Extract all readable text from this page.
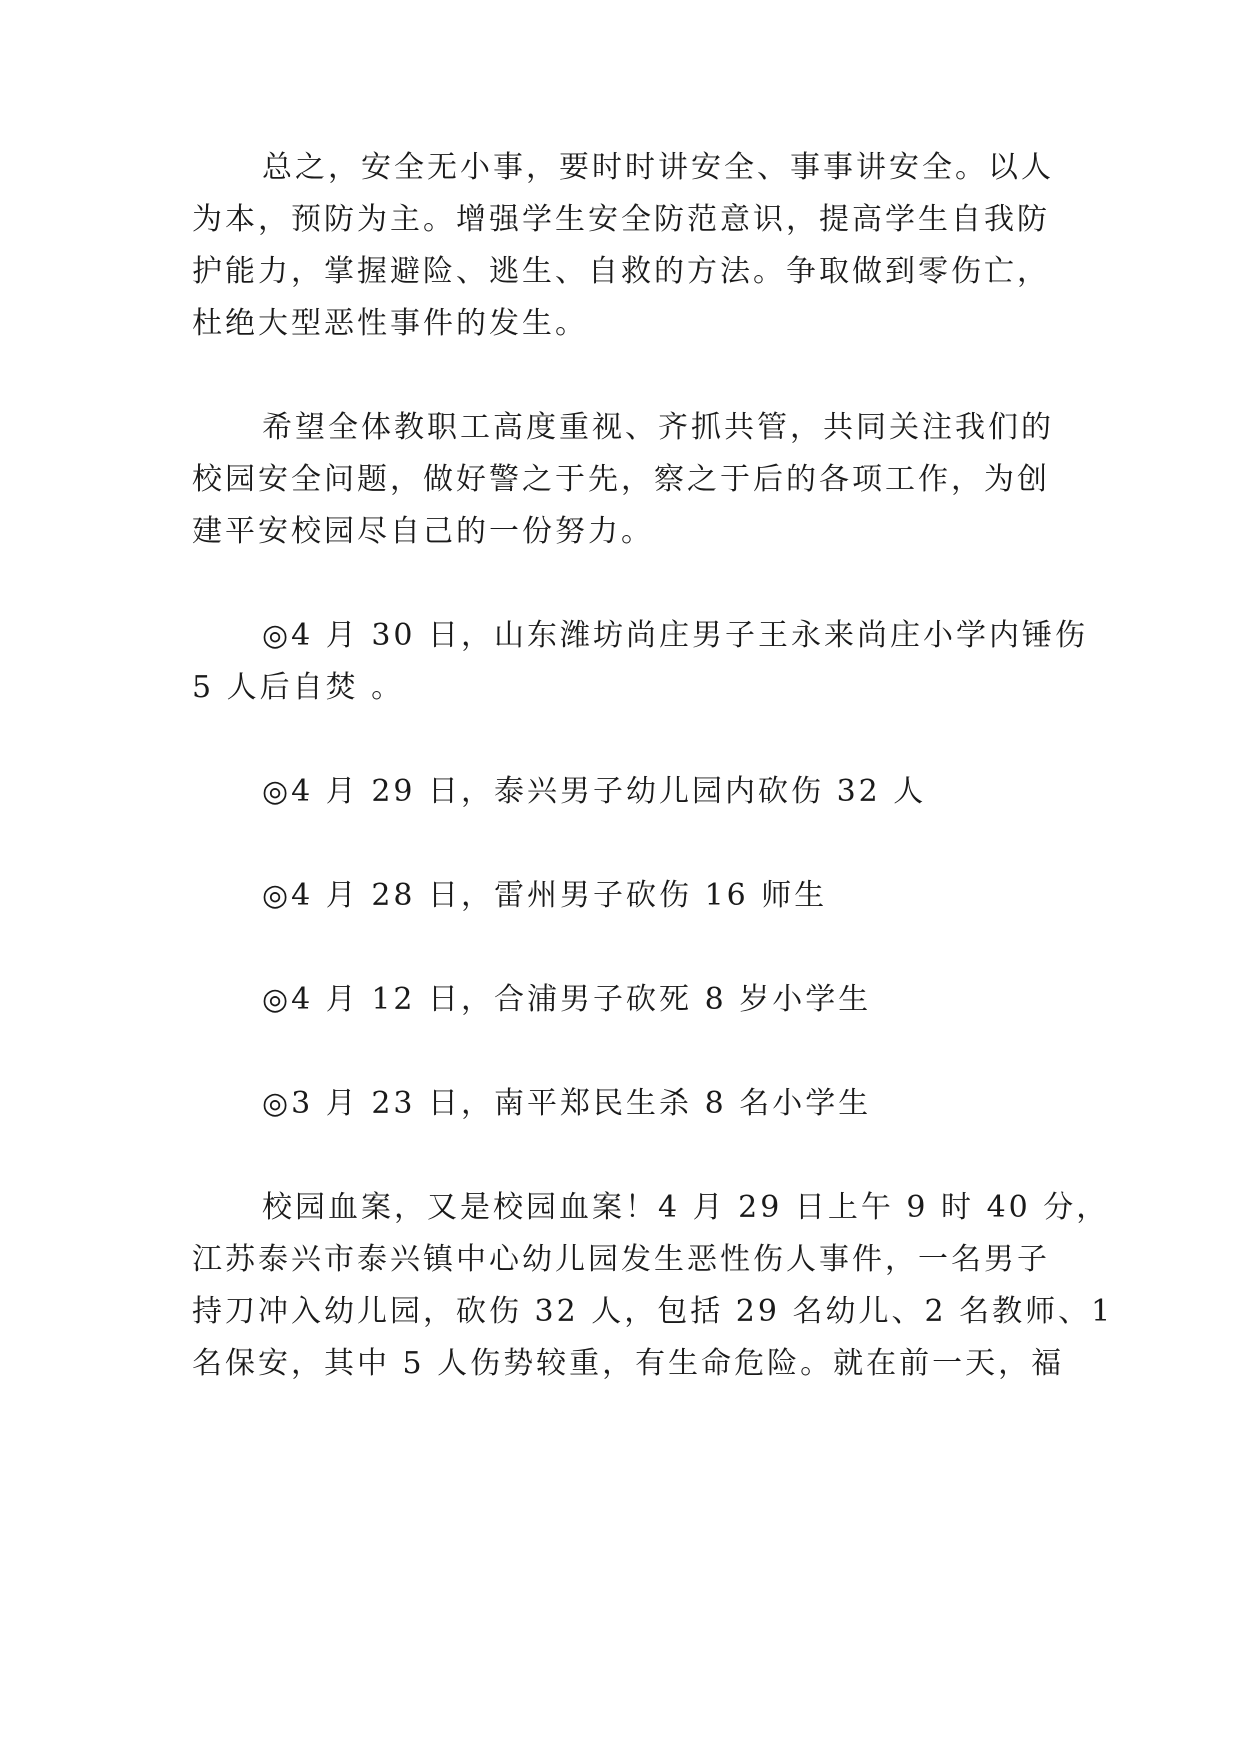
总之，安全无小事，要时时讲安全、事事讲安全。以人

为本，预防为主。增强学生安全防范意识，提高学生自我防

护能力，掌握避险、逃生、自救的方法。争取做到零伤亡，

杜绝大型恶性事件的发生。

希望全体教职工高度重视、齐抓共管，共同关注我们的

校园安全问题，做好警之于先，察之于后的各项工作，为创

建平安校园尽自己的一份努力。

◎4 月 30 日，山东潍坊尚庄男子王永来尚庄小学内锤伤

5 人后自焚 。

◎4 月 29 日，泰兴男子幼儿园内砍伤 32 人

◎4 月 28 日，雷州男子砍伤 16 师生

◎4 月 12 日，合浦男子砍死 8 岁小学生

◎3 月 23 日，南平郑民生杀 8 名小学生

校园血案，又是校园血案！4 月 29 日上午 9 时 40 分，

江苏泰兴市泰兴镇中心幼儿园发生恶性伤人事件，一名男子

持刀冲入幼儿园，砍伤 32 人，包括 29 名幼儿、2 名教师、1

名保安，其中 5 人伤势较重，有生命危险。就在前一天，福
